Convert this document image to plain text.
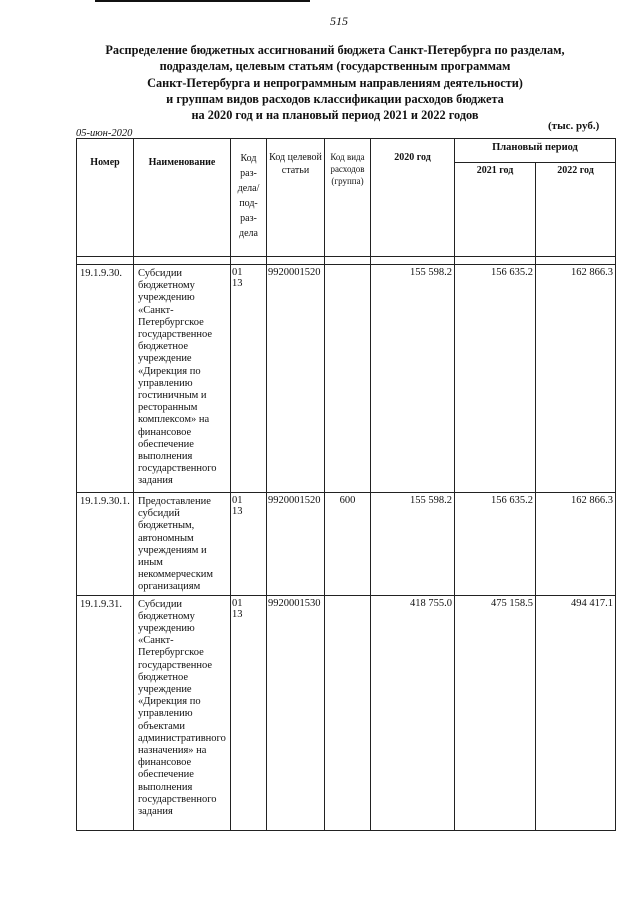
515
Распределение бюджетных ассигнований бюджета Санкт-Петербурга по разделам,
подразделам, целевым статьям (государственным программам
Санкт-Петербурга и непрограммным направлениям деятельности)
и группам видов расходов классификации расходов бюджета
на 2020 год и на плановый период 2021 и 2022 годов
05-июн-2020
(тыс. руб.)
Номер	Наименование	Код раз-дела/ под-раз-дела	Код целевой статьи	Код вида расходов (группа)	2020 год	Плановый период	
						2021 год	2022 год

19.1.9.30.	Субсидии бюджетному учреждению «Санкт-Петербургское государственное бюджетное учреждение «Дирекция по управлению гостиничным и ресторанным комплексом» на финансовое обеспечение выполнения государственного задания	0113	9920001520		155 598.2	156 635.2	162 866.3
19.1.9.30.1.	Предоставление субсидий бюджетным, автономным учреждениям и иным некоммерческим организациям	0113	9920001520	600	155 598.2	156 635.2	162 866.3
19.1.9.31.	Субсидии бюджетному учреждению «Санкт-Петербургское государственное бюджетное учреждение «Дирекция по управлению объектами административного назначения» на финансовое обеспечение выполнения государственного задания	0113	9920001530		418 755.0	475 158.5	494 417.1
